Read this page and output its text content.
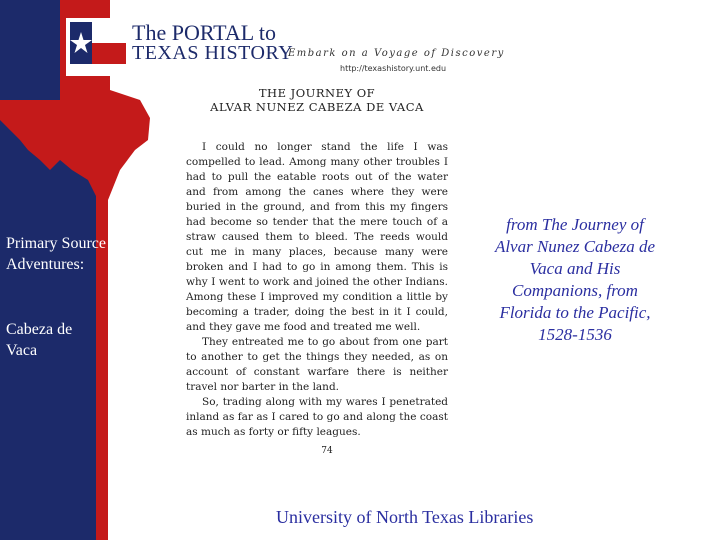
The PORTAL to
TEXAS HISTORY
Embark on a Voyage of Discovery
http://texashistory.unt.edu
Primary Source Adventures:
Cabeza de Vaca
THE JOURNEY OF
ALVAR NUNEZ CABEZA DE VACA

I could no longer stand the life I was compelled to lead. Among many other troubles I had to pull the eatable roots out of the water and from among the canes where they were buried in the ground, and from this my fingers had become so tender that the mere touch of a straw caused them to bleed. The reeds would cut me in many places, because many were broken and I had to go in among them. This is why I went to work and joined the other Indians. Among these I improved my condition a little by becoming a trader, doing the best in it I could, and they gave me food and treated me well.

They entreated me to go about from one part to another to get the things they needed, as on account of constant warfare there is neither travel nor barter in the land.

So, trading along with my wares I penetrated inland as far as I cared to go and along the coast as much as forty or fifty leagues.

74
from The Journey of Alvar Nunez Cabeza de Vaca and His Companions, from Florida to the Pacific, 1528-1536
University of North Texas Libraries
